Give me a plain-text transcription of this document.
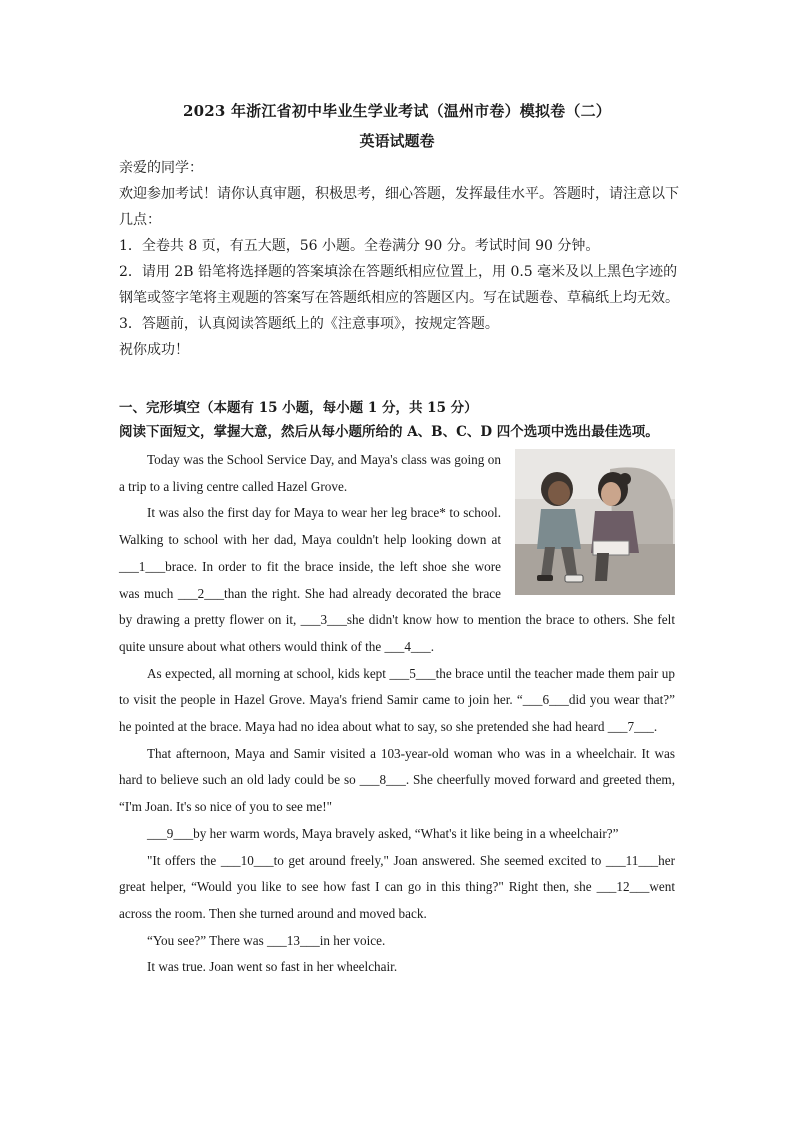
2023 年浙江省初中毕业生学业考试（温州市卷）模拟卷（二）
英语试题卷

亲爱的同学：

欢迎参加考试！请你认真审题，积极思考，细心答题，发挥最佳水平。答题时，请注意以下几点：

1．全卷共 8 页，有五大题，56 小题。全卷满分 90 分。考试时间 90 分钟。

2．请用 2B 铅笔将选择题的答案填涂在答题纸相应位置上，用 0.5 毫米及以上黑色字迹的钢笔或签字笔将主观题的答案写在答题纸相应的答题区内。写在试题卷、草稿纸上均无效。

3．答题前，认真阅读答题纸上的《注意事项》，按规定答题。

祝你成功！

一、完形填空（本题有 15 小题，每小题 1 分，共 15 分）

阅读下面短文，掌握大意，然后从每小题所给的 A、B、C、D 四个选项中选出最佳选项。

Today was the School Service Day, and Maya's class was going on a trip to a living centre called Hazel Grove.

It was also the first day for Maya to wear her leg brace* to school. Walking to school with her dad, Maya couldn't help looking down at ___1___brace. In order to fit the brace inside, the left shoe she wore was much ___2___than the right. She had already decorated the brace by drawing a pretty flower on it, ___3___she didn't know how to mention the brace to others. She felt quite unsure about what others would think of the ___4___.

As expected, all morning at school, kids kept ___5___the brace until the teacher made them pair up to visit the people in Hazel Grove. Maya's friend Samir came to join her. “___6___did you wear that?” he pointed at the brace. Maya had no idea about what to say, so she pretended she had heard ___7___.

That afternoon, Maya and Samir visited a 103-year-old woman who was in a wheelchair. It was hard to believe such an old lady could be so ___8___. She cheerfully moved forward and greeted them, “I'm Joan. It's so nice of you to see me!"

___9___by her warm words, Maya bravely asked, “What's it like being in a wheelchair?”

"It offers the ___10___to get around freely," Joan answered. She seemed excited to ___11___her great helper, “Would you like to see how fast I can go in this thing?" Right then, she ___12___went across the room. Then she turned around and moved back.

“You see?” There was ___13___in her voice.

It was true. Joan went so fast in her wheelchair.
